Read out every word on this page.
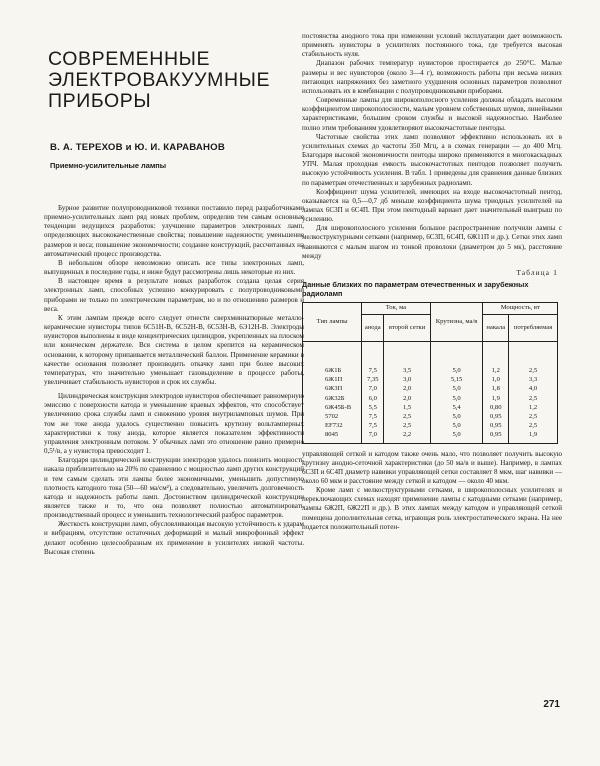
СОВРЕМЕННЫЕ
ЭЛЕКТРОВАКУУМНЫЕ
ПРИБОРЫ
В. А. ТЕРЕХОВ и Ю. И. КАРАВАНОВ
Приемно-усилительные лампы

Бурное развитие полупроводниковой техники поставило перед разработчиками приемно-усилительных ламп ряд новых проблем, определив тем самым основные тенденции ведущихся разработок: улучшение параметров электронных ламп, определяющих высококачественные свойства; повышение надежности; уменьшение размеров и веса; повышение экономичности; создание конструкций, рассчитанных на автоматический процесс производства.

В небольшом обзоре невозможно описать все типы электронных ламп, выпущенных в последние годы, и ниже будут рассмотрены лишь некоторые из них.

В настоящее время в результате новых разработок создана целая серия электронных ламп, способных успешно конкурировать с полупроводниковыми приборами не только по электрическим параметрам, но и по отношению размеров и веса.

К этим лампам прежде всего следует отнести сверхминиатюрные металло-керамические нувисторы типов 6С51Н-В, 6С52Н-В, 6С53Н-В, 6Э12Н-В. Электроды нувисторов выполнены в виде концентрических цилиндров, укрепленных на плоском или коническом держателе. Вся система в целом крепится на керамическом основании, к которому припаивается металлический баллон. Применение керамики в качестве основания позволяет производить откачку ламп при более высоких температурах, что значительно уменьшает газовыделение в процессе работы, увеличивает стабильность нувисторов и срок их службы.

Цилиндрическая конструкция электродов нувисторов обеспечивает равномерную эмиссию с поверхности катода и уменьшение краевых эффектов, что способствует увеличению срока службы ламп и снижению уровня внутриламповых шумов. При том же токе анода удалось существенно повысить крутизну вольтамперных характеристики к току анода, которое является показателем эффективности управления электронным потоком. У обычных ламп это отношение равно примерно 0,5¹/в, а у нувистора превосходит 1.

Благодаря цилиндрической конструкции электродов удалось понизить мощность накала приблизительно на 20% по сравнению с мощностью ламп других конструкций и тем самым сделать эти лампы более экономичными, уменьшить допустимую плотность катодного тока (50—60 ма/см²), а следовательно, увеличить долговечность катода и надежность работы ламп. Достоинством цилиндрической конструкции является также и то, что она позволяет полностью автоматизировать производственный процесс и уменьшить технологический разброс параметров.

Жесткость конструкции ламп, обусловливающая высокую устойчивость к ударам и вибрациям, отсутствие остаточных деформаций и малый микрофонный эффект делают особенно целесообразным их применение в усилителях низкой частоты. Высокая степень

постоянства анодного тока при изменении условий эксплуатации дает возможность применять нувисторы в усилителях постоянного тока, где требуется высокая стабильность нуля.

Диапазон рабочих температур нувисторов простирается до 250°С. Малые размеры и вес нувисторов (около 3—4 г), возможность работы при весьма низких питающих напряжениях без заметного ухудшения основных параметров позволяют использовать их в комбинации с полупроводниковыми приборами.

Современные лампы для широкополосного усиления должны обладать высоким коэффициентом широкополосности, малым уровнем собственных шумов, линейными характеристиками, большим сроком службы и высокой надежностью. Наиболее полно этим требованиям удовлетворяют высокочастотные пентоды.

Частотные свойства этих ламп позволяют эффективно использовать их в усилительных схемах до частоты 350 Мгц, а в схемах генерации — до 400 Мгц. Благодаря высокой экономичности пентоды широко применяются в многокаскадных УПЧ. Малая проходная емкость высокочастотных пентодов позволяет получить высокую устойчивость усиления. В табл. 1 приведены для сравнения данные близких по параметрам отечественных и зарубежных радиоламп.

Коэффициент шума усилителей, имеющих на входе высокочастотный пентод, оказывается на 0,5—0,7 дб меньше коэффициента шума триодных усилителей на лампах 6С3П и 6С4П. При этом пентодный вариант дает значительный выигрыш по усилению.

Для широкополосного усиления большое распространение получили лампы с мелкоструктурными сетками (например, 6С3П, 6С4П, 6Ж11П и др.). Сетки этих ламп навиваются с малым шагом из тонкой проволоки (диаметром до 5 мк), расстояние между

Таблица 1
Данные близких по параметрам отечественных и зарубежных радиоламп
Тип лампы	Ток, ма		Крутизна, ма/в	Мощность, вт	
	анода	второй сетки		накала	потребляемая
6Ж1Б	7,5	3,5	5,0	1,2	2,5
6Ж1П	7,35	3,0	5,15	1,0	3,3
6Ж3П	7,0	2,0	5,0	1,8	4,0
6Ж32Б	6,0	2,0	5,0	1,9	2,5
6Ж45Б-В	5,5	1,5	5,4	0,80	1,2
5702	7,5	2,5	5,0	0,95	2,5
EF732	7,5	2,5	5,0	0,95	2,5
8045	7,0	2,2	5,0	0,95	1,9

управляющей сеткой и катодом также очень мало, что позволяет получить высокую крутизну анодно-сеточной характеристики (до 50 ма/в и выше). Например, в лампах 6С3П и 6С4П диаметр навивки управляющей сетки составляет 8 мкм, шаг навивки — около 60 мкм и расстояние между сеткой и катодом — около 40 мкм.

Кроме ламп с мелкоструктурными сетками, в широкополосных усилителях и переключающих схемах находят применение лампы с катодными сетками (например, лампы 6Ж2П, 6Ж22П и др.). В этих лампах между катодом и управляющей сеткой помещена дополнительная сетка, играющая роль электростатического экрана. На нее подается положительный потен-

271
